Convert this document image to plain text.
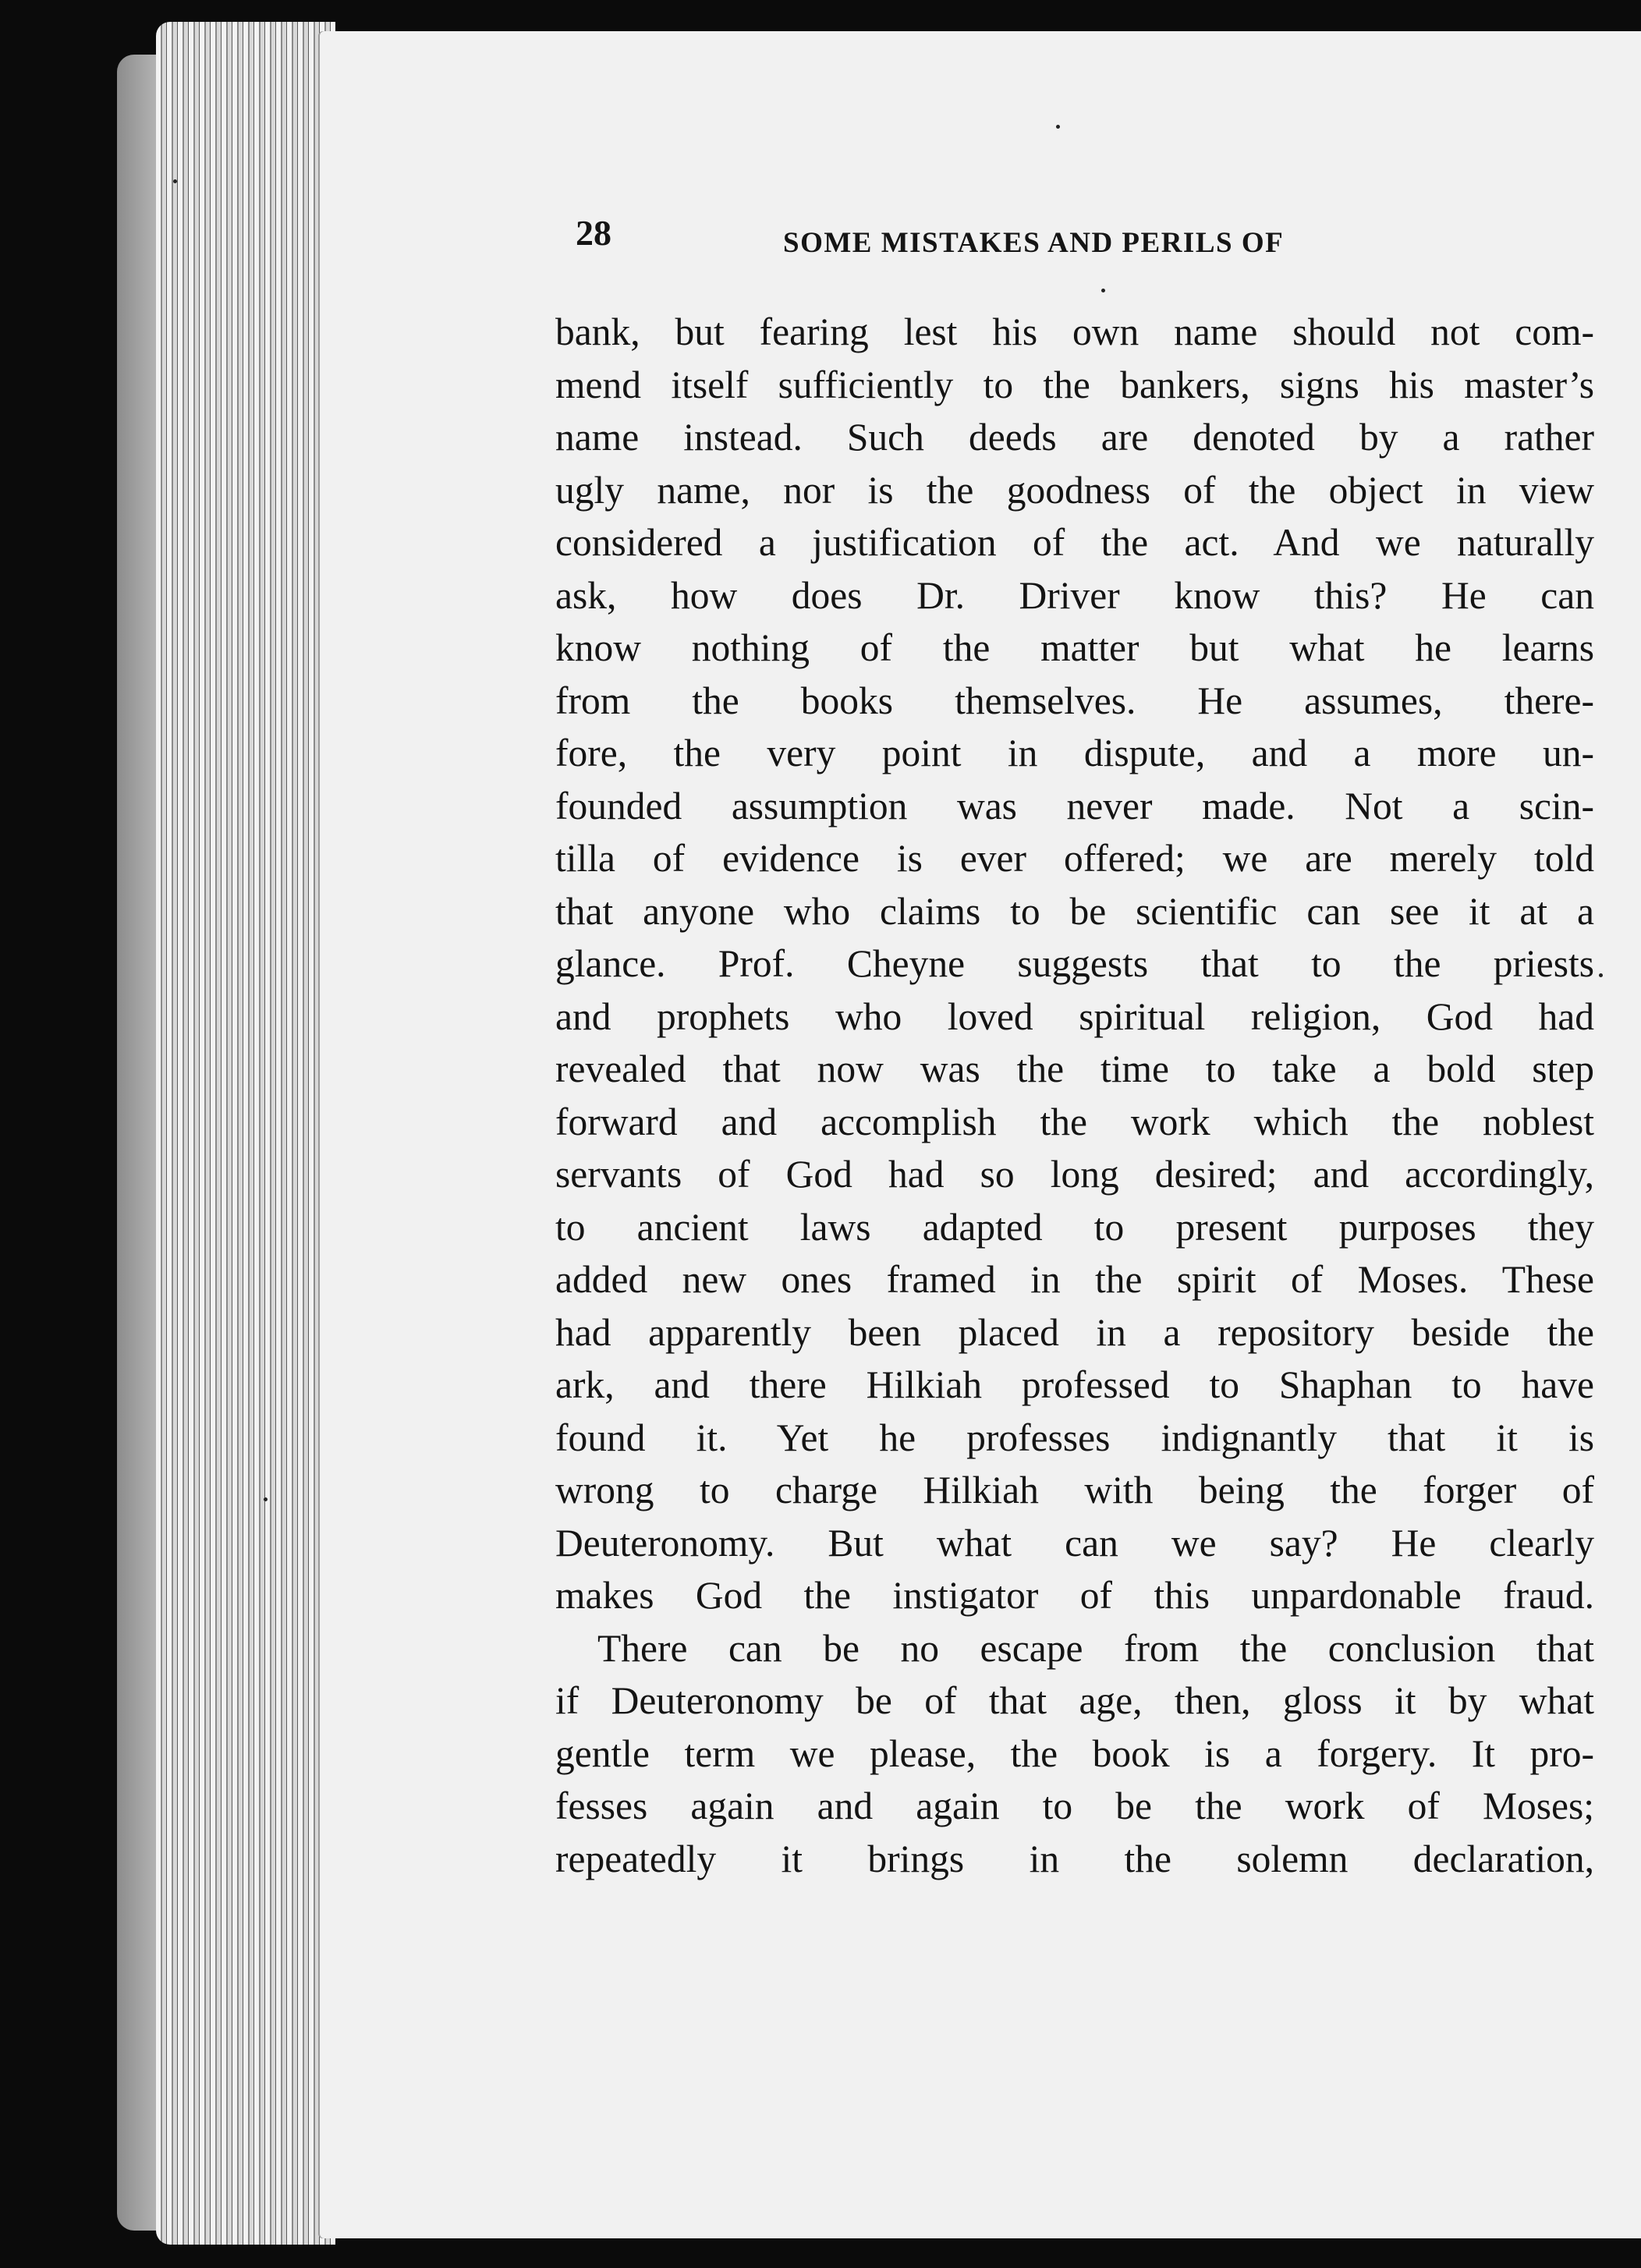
28	SOME MISTAKES AND PERILS OF

bank, but fearing lest his own name should not com-
mend itself sufficiently to the bankers, signs his master’s
name instead. Such deeds are denoted by a rather
ugly name, nor is the goodness of the object in view
considered a justification of the act. And we naturally
ask, how does Dr. Driver know this? He can
know nothing of the matter but what he learns
from the books themselves. He assumes, there-
fore, the very point in dispute, and a more un-
founded assumption was never made. Not a scin-
tilla of evidence is ever offered; we are merely told
that anyone who claims to be scientific can see it at a
glance. Prof. Cheyne suggests that to the priests
and prophets who loved spiritual religion, God had
revealed that now was the time to take a bold step
forward and accomplish the work which the noblest
servants of God had so long desired; and accordingly,
to ancient laws adapted to present purposes they
added new ones framed in the spirit of Moses. These
had apparently been placed in a repository beside the
ark, and there Hilkiah professed to Shaphan to have
found it. Yet he professes indignantly that it is
wrong to charge Hilkiah with being the forger of
Deuteronomy. But what can we say? He clearly
makes God the instigator of this unpardonable fraud.
There can be no escape from the conclusion that
if Deuteronomy be of that age, then, gloss it by what
gentle term we please, the book is a forgery. It pro-
fesses again and again to be the work of Moses;
repeatedly it brings in the solemn declaration,
